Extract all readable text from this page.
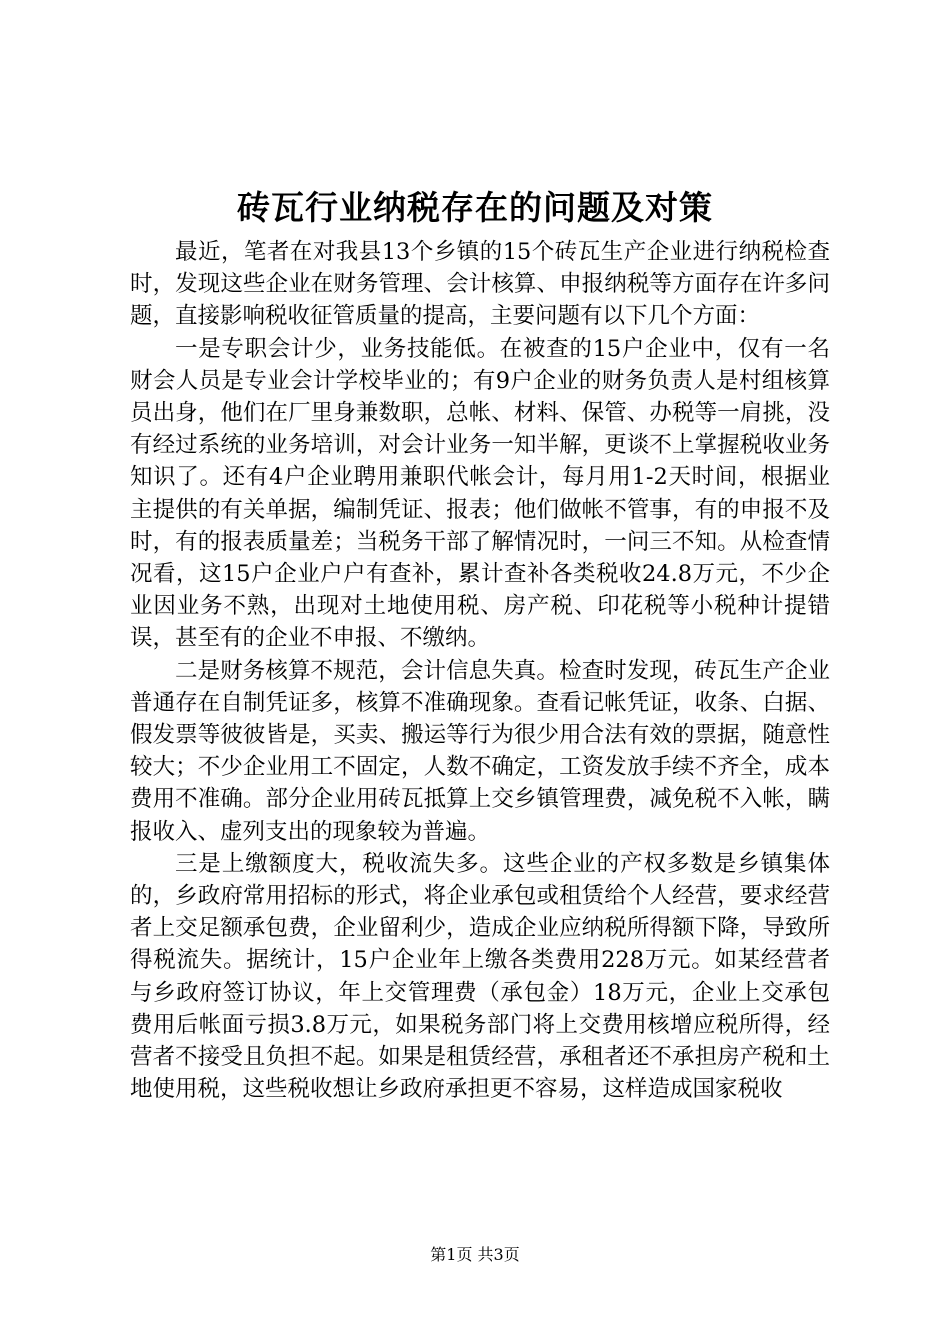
砖瓦行业纳税存在的问题及对策

最近，笔者在对我县13个乡镇的15个砖瓦生产企业进行纳税检查时，发现这些企业在财务管理、会计核算、申报纳税等方面存在许多问题，直接影响税收征管质量的提高，主要问题有以下几个方面：

一是专职会计少，业务技能低。在被查的15户企业中，仅有一名财会人员是专业会计学校毕业的；有9户企业的财务负责人是村组核算员出身，他们在厂里身兼数职，总帐、材料、保管、办税等一肩挑，没有经过系统的业务培训，对会计业务一知半解，更谈不上掌握税收业务知识了。还有4户企业聘用兼职代帐会计，每月用1-2天时间，根据业主提供的有关单据，编制凭证、报表；他们做帐不管事，有的申报不及时，有的报表质量差；当税务干部了解情况时，一问三不知。从检查情况看，这15户企业户户有查补，累计查补各类税收24.8万元，不少企业因业务不熟，出现对土地使用税、房产税、印花税等小税种计提错误，甚至有的企业不申报、不缴纳。

二是财务核算不规范，会计信息失真。检查时发现，砖瓦生产企业普通存在自制凭证多，核算不准确现象。查看记帐凭证，收条、白据、假发票等彼彼皆是，买卖、搬运等行为很少用合法有效的票据，随意性较大；不少企业用工不固定，人数不确定，工资发放手续不齐全，成本费用不准确。部分企业用砖瓦抵算上交乡镇管理费，减免税不入帐，瞒报收入、虚列支出的现象较为普遍。

三是上缴额度大，税收流失多。这些企业的产权多数是乡镇集体的，乡政府常用招标的形式，将企业承包或租赁给个人经营，要求经营者上交足额承包费，企业留利少，造成企业应纳税所得额下降，导致所得税流失。据统计，15户企业年上缴各类费用228万元。如某经营者与乡政府签订协议，年上交管理费（承包金）18万元，企业上交承包费用后帐面亏损3.8万元，如果税务部门将上交费用核增应税所得，经营者不接受且负担不起。如果是租赁经营，承租者还不承担房产税和土地使用税，这些税收想让乡政府承担更不容易，这样造成国家税收

第1页 共3页
